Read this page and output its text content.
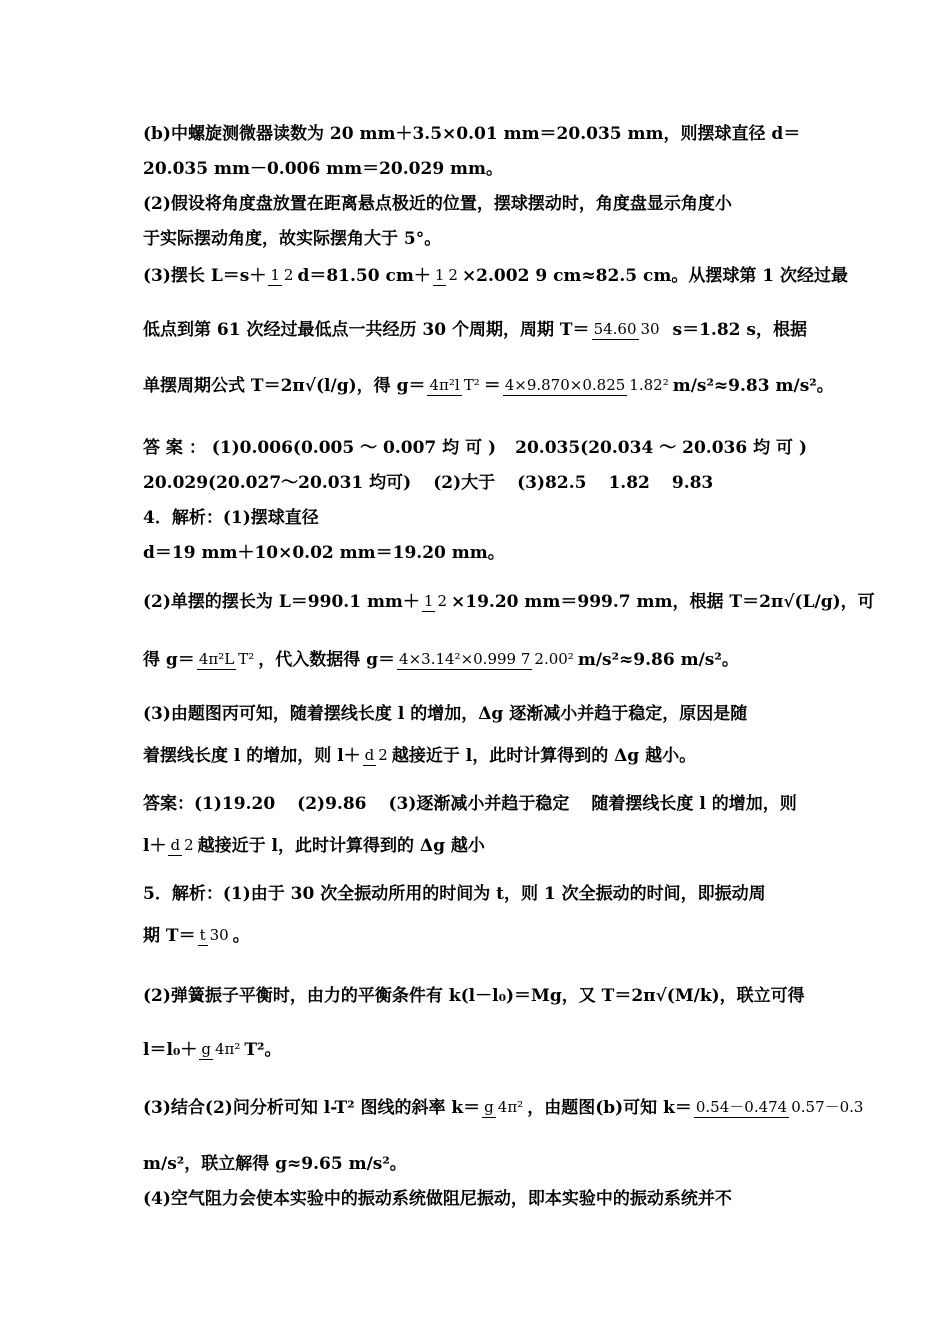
(b)中螺旋测微器读数为 20 mm＋3.5×0.01 mm＝20.035 mm，则摆球直径 d＝
20.035 mm－0.006 mm＝20.029 mm。
(2)假设将角度盘放置在距离悬点极近的位置，摆球摆动时，角度盘显示角度小
于实际摆动角度，故实际摆角大于 5°。
(3)摆长 L＝s＋ 1 2 d＝81.50 cm＋ 1 2 ×2.002 9 cm≈82.5 cm。从摆球第 1 次经过最
低点到第 61 次经过最低点一共经历 30 个周期，周期 T＝ 54.60 30 s＝1.82 s，根据
单摆周期公式 T＝2π√(l/g)，得 g＝ 4π²l T² ＝ 4×9.870×0.825 1.82² m/s²≈9.83 m/s²。
答 案 ： (1)0.006(0.005 ～ 0.007 均 可 ) 20.035(20.034 ～ 20.036 均 可 )
20.029(20.027～20.031 均可) (2)大于 (3)82.5 1.82 9.83
4．解析：(1)摆球直径
d＝19 mm＋10×0.02 mm＝19.20 mm。
(2)单摆的摆长为 L＝990.1 mm＋ 1 2 ×19.20 mm＝999.7 mm，根据 T＝2π√(L/g)，可
得 g＝ 4π²L T² ，代入数据得 g＝ 4×3.14²×0.999 7 2.00² m/s²≈9.86 m/s²。
(3)由题图丙可知，随着摆线长度 l 的增加，Δg 逐渐减小并趋于稳定，原因是随
着摆线长度 l 的增加，则 l＋ d 2 越接近于 l，此时计算得到的 Δg 越小。
答案：(1)19.20 (2)9.86 (3)逐渐减小并趋于稳定 随着摆线长度 l 的增加，则
l＋ d 2 越接近于 l，此时计算得到的 Δg 越小
5．解析：(1)由于 30 次全振动所用的时间为 t，则 1 次全振动的时间，即振动周
期 T＝ t 30 。
(2)弹簧振子平衡时，由力的平衡条件有 k(l－l₀)＝Mg，又 T＝2π√(M/k)，联立可得
l＝l₀＋ g 4π² T²。
(3)结合(2)问分析可知 l-T² 图线的斜率 k＝ g 4π² ，由题图(b)可知 k＝ 0.54－0.474 0.57－0.3
m/s²，联立解得 g≈9.65 m/s²。
(4)空气阻力会使本实验中的振动系统做阻尼振动，即本实验中的振动系统并不
